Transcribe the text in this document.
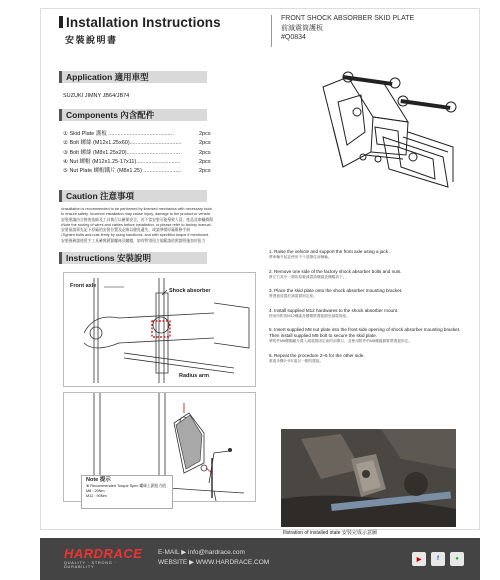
Installation Instructions
安裝說明書
FRONT SHOCK ABSORBER SKID PLATE
前減震筒護板
#Q0834
Application 適用車型
SUZUKI JIMNY JB64/JB74
Components 內含配件
① Skid Plate 護板 ...........................................	2pcs
② Bolt 螺絲 (M12x1.25x60)..................................	2pcs
③ Bolt 螺絲 (M8x1.25x20)...................................	2pcs
④ Nut 螺帽 (M12x1.25-17x11).............................	2pcs
⑤ Nut Plate 螺帽鐵片 (M8x1.25) .........................	2pcs
Caution 注意事項
•Installation is recommended to be performed by licensed mechanics with necessary tools
to ensure safety. Incorrect installation may cause injury, damage to the product or vehicle.
安裝建議由合格的技師及工具執行以確保安全，若不當安裝可能導致人員、產品及車輛損傷
•Note the routing of wires and cables before installation, or please refer to factory manual.
安裝前請事先記下原廠的安裝位置及走線以避免遺失，或請參閱原廠維修手冊
•Tighten bolts and nuts firmly by using handtools, and with specified torque if mentioned.
安裝後務請使用手工具確實鎖緊螺絲及螺帽，如有特別扭力規範請依照說明施加於扭力
Instructions 安裝說明
Front axle
Shock absorber
Radius arm
Note 提示
※ Recommended Torque Spec 螺絲上鎖扭力值
M8 : 29Nm
M12 : 90Nm
1. Raise the vehicle and support the front axle using a jack .
將車輛升起並使用千斤頂撐住前軸輪。
2. Remove one side of the factory shock absorber bolts and nuts.
將左右其中一側的原廠減震筒螺絲及螺帽拆下。
3. Place the skid plate onto the shock absorber mounting bracket.
將護板放置於減震筒固定座。
4. Install supplied M12 hardwares to the shock absorber mount.
使用所附的M12螺絲及螺帽將護板鎖至減震筒座。
5. Insert supplied M8 nut plate into the front side opening of shock absorber mounting bracket. Then install supplied M8 bolt to secure the skid plate.
將附件M8螺帽鐵片置入減震筒固定座的前開口，並使用附件的M8螺絲鎖緊將護板固定。
6. Repeat the procedure 2~5 for the other side.
重複步驟2~5安裝另一側的護板。
Illstration of installed state 安裝完成示意圖
HARDRACE
QUALITY · STRONG · DURABILITY
E-MAIL ▶ info@hardrace.com
WEBSITE ▶ WWW.HARDRACE.COM	▶	f	●
